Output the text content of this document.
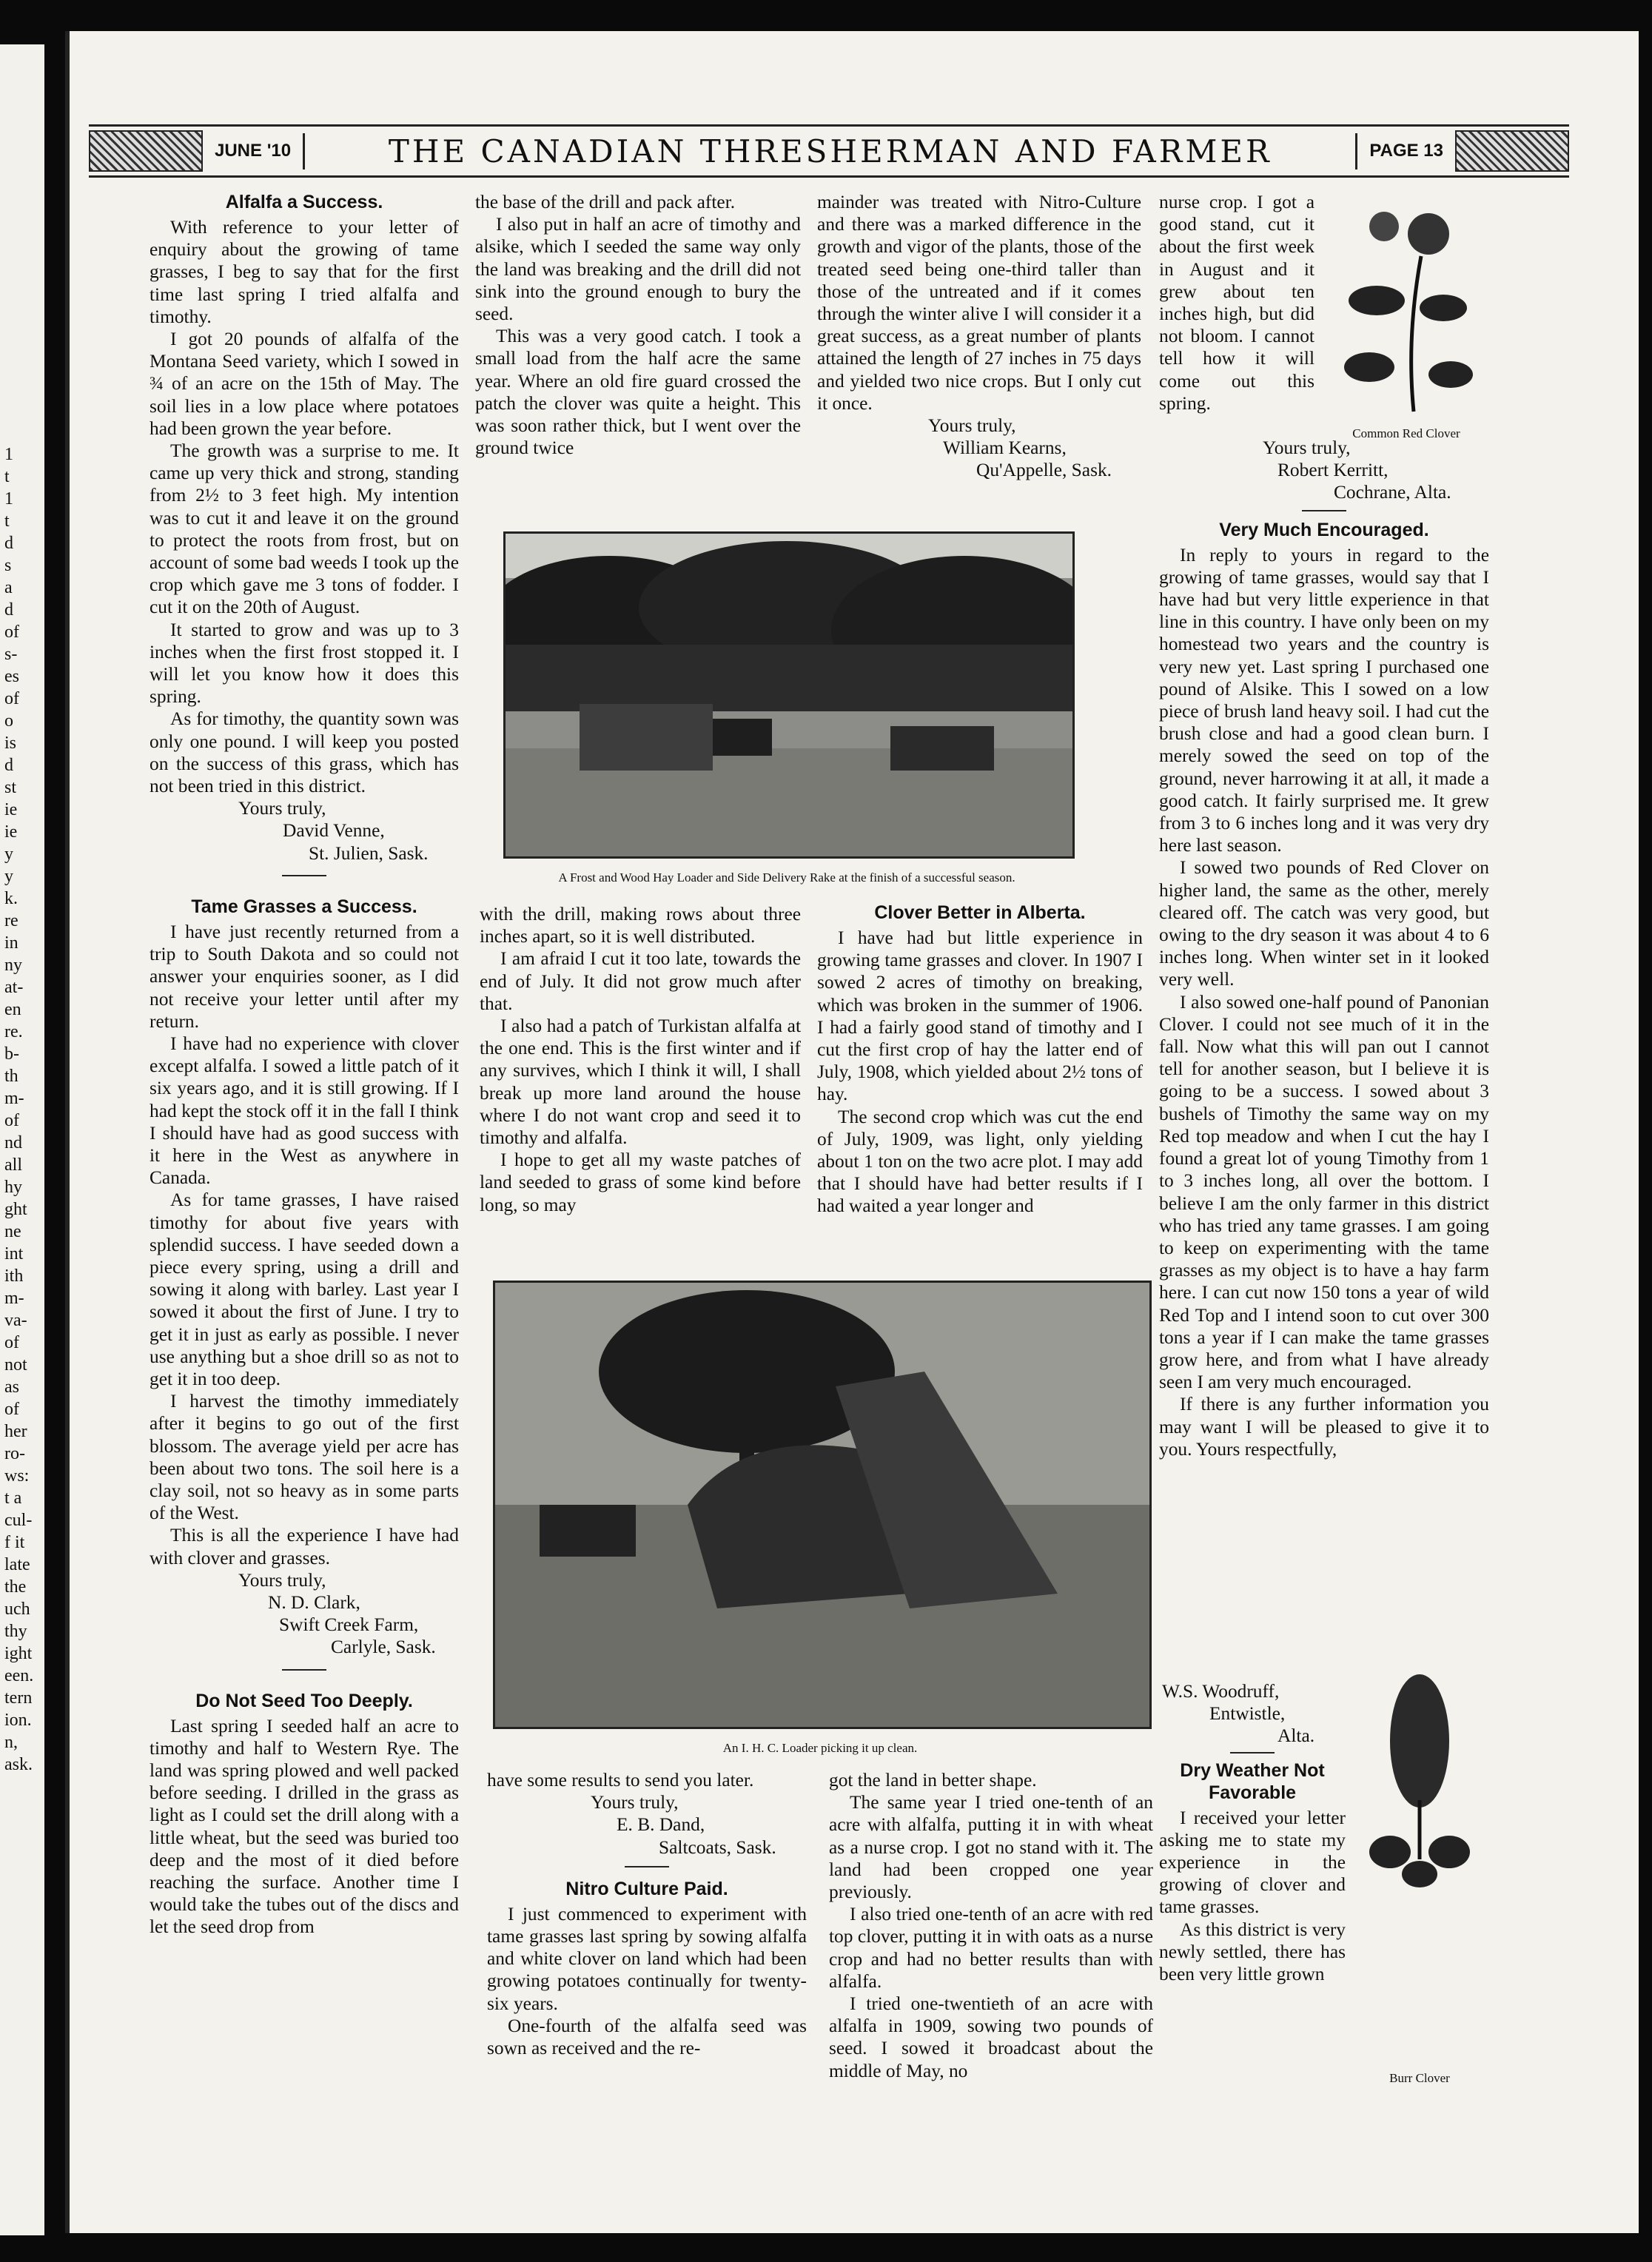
1
t
1
t
d
s
a
d
of
s-
es
of
o
is
d
st
ie
ie
y
y
k.
re
in
ny
at-
en
re.
b-
th
m-
of
nd
all
hy
ght
ne
int
ith
m-
va-
of
not
as
of
her
ro-
ws:
t a
cul-
f it
late
the
uch
thy
ight
een.
tern
ion.
n,
ask.
JUNE '10	THE CANADIAN THRESHERMAN AND FARMER	PAGE 13
Alfalfa a Success.

With reference to your letter of enquiry about the growing of tame grasses, I beg to say that for the first time last spring I tried alfalfa and timothy.

I got 20 pounds of alfalfa of the Montana Seed variety, which I sowed in ¾ of an acre on the 15th of May. The soil lies in a low place where potatoes had been grown the year before.

The growth was a surprise to me. It came up very thick and strong, standing from 2½ to 3 feet high. My intention was to cut it and leave it on the ground to protect the roots from frost, but on account of some bad weeds I took up the crop which gave me 3 tons of fodder. I cut it on the 20th of August.

It started to grow and was up to 3 inches when the first frost stopped it. I will let you know how it does this spring.

As for timothy, the quantity sown was only one pound. I will keep you posted on the success of this grass, which has not been tried in this district.

Yours truly,
David Venne,
St. Julien, Sask.
Tame Grasses a Success.

I have just recently returned from a trip to South Dakota and so could not answer your enquiries sooner, as I did not receive your letter until after my return.

I have had no experience with clover except alfalfa. I sowed a little patch of it six years ago, and it is still growing. If I had kept the stock off it in the fall I think I should have had as good success with it here in the West as anywhere in Canada.

As for tame grasses, I have raised timothy for about five years with splendid success. I have seeded down a piece every spring, using a drill and sowing it along with barley. Last year I sowed it about the first of June. I try to get it in just as early as possible. I never use anything but a shoe drill so as not to get it in too deep.

I harvest the timothy immediately after it begins to go out of the first blossom. The average yield per acre has been about two tons. The soil here is a clay soil, not so heavy as in some parts of the West.

This is all the experience I have had with clover and grasses.

Yours truly,
N. D. Clark,
Swift Creek Farm,
Carlyle, Sask.
Do Not Seed Too Deeply.

Last spring I seeded half an acre to timothy and half to Western Rye. The land was spring plowed and well packed before seeding. I drilled in the grass as light as I could set the drill along with a little wheat, but the seed was buried too deep and the most of it died before reaching the surface. Another time I would take the tubes out of the discs and let the seed drop from

the base of the drill and pack after.

I also put in half an acre of timothy and alsike, which I seeded the same way only the land was breaking and the drill did not sink into the ground enough to bury the seed.

This was a very good catch. I took a small load from the half acre the same year. Where an old fire guard crossed the patch the clover was quite a height. This was soon rather thick, but I went over the ground twice

mainder was treated with Nitro-Culture and there was a marked difference in the growth and vigor of the plants, those of the treated seed being one-third taller than those of the untreated and if it comes through the winter alive I will consider it a great success, as a great number of plants attained the length of 27 inches in 75 days and yielded two nice crops. But I only cut it once.

Yours truly,
William Kearns,
Qu'Appelle, Sask.
A Frost and Wood Hay Loader and Side Delivery Rake at the finish of a successful season.

with the drill, making rows about three inches apart, so it is well distributed.

I am afraid I cut it too late, towards the end of July. It did not grow much after that.

I also had a patch of Turkistan alfalfa at the one end. This is the first winter and if any survives, which I think it will, I shall break up more land around the house where I do not want crop and seed it to timothy and alfalfa.

I hope to get all my waste patches of land seeded to grass of some kind before long, so may

Clover Better in Alberta.

I have had but little experience in growing tame grasses and clover. In 1907 I sowed 2 acres of timothy on breaking, which was broken in the summer of 1906. I had a fairly good stand of timothy and I cut the first crop of hay the latter end of July, 1908, which yielded about 2½ tons of hay.

The second crop which was cut the end of July, 1909, was light, only yielding about 1 ton on the two acre plot. I may add that I should have had better results if I had waited a year longer and

An I. H. C. Loader picking it up clean.

have some results to send you later.

Yours truly,
E. B. Dand,
Saltcoats, Sask.
Nitro Culture Paid.

I just commenced to experiment with tame grasses last spring by sowing alfalfa and white clover on land which had been growing potatoes continually for twenty-six years.

One-fourth of the alfalfa seed was sown as received and the re-

got the land in better shape.

The same year I tried one-tenth of an acre with alfalfa, putting it in with wheat as a nurse crop. I got no stand with it. The land had been cropped one year previously.

I also tried one-tenth of an acre with red top clover, putting it in with oats as a nurse crop and had no better results than with alfalfa.

I tried one-twentieth of an acre with alfalfa in 1909, sowing two pounds of seed. I sowed it broadcast about the middle of May, no

nurse crop. I got a good stand, cut it about the first week in August and it grew about ten inches high, but did not bloom. I cannot tell how it will come out this spring.

Common Red Clover
Yours truly,
Robert Kerritt,
Cochrane, Alta.
Very Much Encouraged.

In reply to yours in regard to the growing of tame grasses, would say that I have had but very little experience in that line in this country. I have only been on my homestead two years and the country is very new yet. Last spring I purchased one pound of Alsike. This I sowed on a low piece of brush land heavy soil. I had cut the brush close and had a good clean burn. I merely sowed the seed on top of the ground, never harrowing it at all, it made a good catch. It fairly surprised me. It grew from 3 to 6 inches long and it was very dry here last season.

I sowed two pounds of Red Clover on higher land, the same as the other, merely cleared off. The catch was very good, but owing to the dry season it was about 4 to 6 inches long. When winter set in it looked very well.

I also sowed one-half pound of Panonian Clover. I could not see much of it in the fall. Now what this will pan out I cannot tell for another season, but I believe it is going to be a success. I sowed about 3 bushels of Timothy the same way on my Red top meadow and when I cut the hay I found a great lot of young Timothy from 1 to 3 inches long, all over the bottom. I believe I am the only farmer in this district who has tried any tame grasses. I am going to keep on experimenting with the tame grasses as my object is to have a hay farm here. I can cut now 150 tons a year of wild Red Top and I intend soon to cut over 300 tons a year if I can make the tame grasses grow here, and from what I have already seen I am very much encouraged.

If there is any further information you may want I will be pleased to give it to you. Yours respectfully,

W.S. Woodruff,
Entwistle,
Alta.
Dry Weather Not Favorable

I received your letter asking me to state my experience in the growing of clover and tame grasses.

As this district is very newly settled, there has been very little grown

Burr Clover
